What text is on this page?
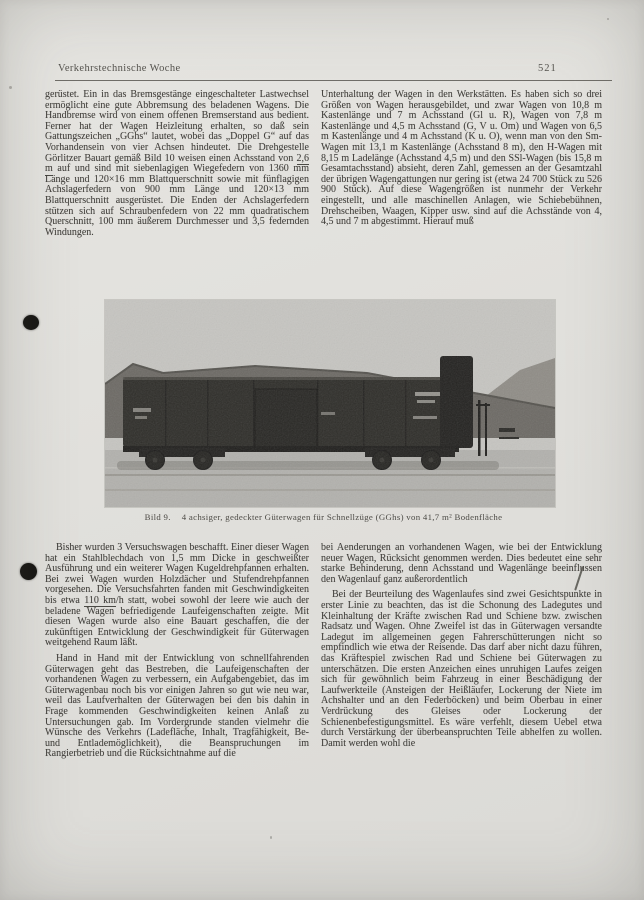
Verkehrstechnische Woche	521

gerüstet. Ein in das Bremsgestänge eingeschalteter Lastwechsel ermöglicht eine gute Abbremsung des beladenen Wagens. Die Handbremse wird von einem offenen Bremserstand aus bedient. Ferner hat der Wagen Heizleitung erhalten, so daß sein Gattungszeichen „GGhs“ lautet, wobei das „Doppel G“ auf das Vorhandensein von vier Achsen hindeutet. Die Drehgestelle Görlitzer Bauart gemäß Bild 10 weisen einen Achsstand von 2,6 m auf und sind mit siebenlagigen Wiegefedern von 1360 mm Länge und 120×16 mm Blattquerschnitt sowie mit fünflagigen Achslagerfedern von 900 mm Länge und 120×13 mm Blattquerschnitt ausgerüstet. Die Enden der Achslagerfedern stützen sich auf Schraubenfedern von 22 mm quadratischem Querschnitt, 100 mm äußerem Durchmesser und 3,5 federnden Windungen.

Unterhaltung der Wagen in den Werkstätten. Es haben sich so drei Größen von Wagen herausgebildet, und zwar Wagen von 10,8 m Kastenlänge und 7 m Achsstand (Gl u. R), Wagen von 7,8 m Kastenlänge und 4,5 m Achsstand (G, V u. Om) und Wagen von 6,5 m Kastenlänge und 4 m Achsstand (K u. O), wenn man von den Sm-Wagen mit 13,1 m Kastenlänge (Achsstand 8 m), den H-Wagen mit 8,15 m Ladelänge (Achsstand 4,5 m) und den SSl-Wagen (bis 15,8 m Gesamtachsstand) absieht, deren Zahl, gemessen an der Gesamtzahl der übrigen Wagengattungen nur gering ist (etwa 24 700 Stück zu 526 900 Stück). Auf diese Wagengrößen ist nunmehr der Verkehr eingestellt, und alle maschinellen Anlagen, wie Schiebebühnen, Drehscheiben, Waagen, Kipper usw. sind auf die Achsstände von 4, 4,5 und 7 m abgestimmt. Hierauf muß

Bild 9. 4 achsiger, gedeckter Güterwagen für Schnellzüge (GGhs) von 41,7 m² Bodenfläche

Bisher wurden 3 Versuchswagen beschafft. Einer dieser Wagen hat ein Stahlblechdach von 1,5 mm Dicke in geschweißter Ausführung und ein weiterer Wagen Kugeldrehpfannen erhalten. Bei zwei Wagen wurden Holzdächer und Stufendrehpfannen vorgesehen. Die Versuchsfahrten fanden mit Geschwindigkeiten bis etwa 110 km/h statt, wobei sowohl der leere wie auch der beladene Wagen befriedigende Laufeigenschaften zeigte. Mit diesen Wagen wurde also eine Bauart geschaffen, die der zukünftigen Entwicklung der Geschwindigkeit für Güterwagen weitgehend Raum läßt.

Hand in Hand mit der Entwicklung von schnellfahrenden Güterwagen geht das Bestreben, die Laufeigenschaften der vorhandenen Wagen zu verbessern, ein Aufgabengebiet, das im Güterwagenbau noch bis vor einigen Jahren so gut wie neu war, weil das Laufverhalten der Güterwagen bei den bis dahin in Frage kommenden Geschwindigkeiten keinen Anlaß zu Untersuchungen gab. Im Vordergrunde standen vielmehr die Wünsche des Verkehrs (Ladefläche, Inhalt, Tragfähigkeit, Be- und Entlademöglichkeit), die Beanspruchungen im Rangierbetrieb und die Rücksichtnahme auf die

bei Aenderungen an vorhandenen Wagen, wie bei der Entwicklung neuer Wagen, Rücksicht genommen werden. Dies bedeutet eine sehr starke Behinderung, denn Achsstand und Wagenlänge beeinflussen den Wagenlauf ganz außerordentlich

Bei der Beurteilung des Wagenlaufes sind zwei Gesichtspunkte in erster Linie zu beachten, das ist die Schonung des Ladegutes und Kleinhaltung der Kräfte zwischen Rad und Schiene bzw. zwischen Radsatz und Wagen. Ohne Zweifel ist das in Güterwagen versandte Ladegut im allgemeinen gegen Fahrerschütterungen nicht so empfindlich wie etwa der Reisende. Das darf aber nicht dazu führen, das Kräftespiel zwischen Rad und Schiene bei Güterwagen zu unterschätzen. Die ersten Anzeichen eines unruhigen Laufes zeigen sich für gewöhnlich beim Fahrzeug in einer Beschädigung der Laufwerkteile (Ansteigen der Heißläufer, Lockerung der Niete im Achshalter und an den Federböcken) und beim Oberbau in einer Verdrückung des Gleises oder Lockerung der Schienenbefestigungsmittel. Es wäre verfehlt, diesem Uebel etwa durch Verstärkung der überbeanspruchten Teile abhelfen zu wollen. Damit werden wohl die
